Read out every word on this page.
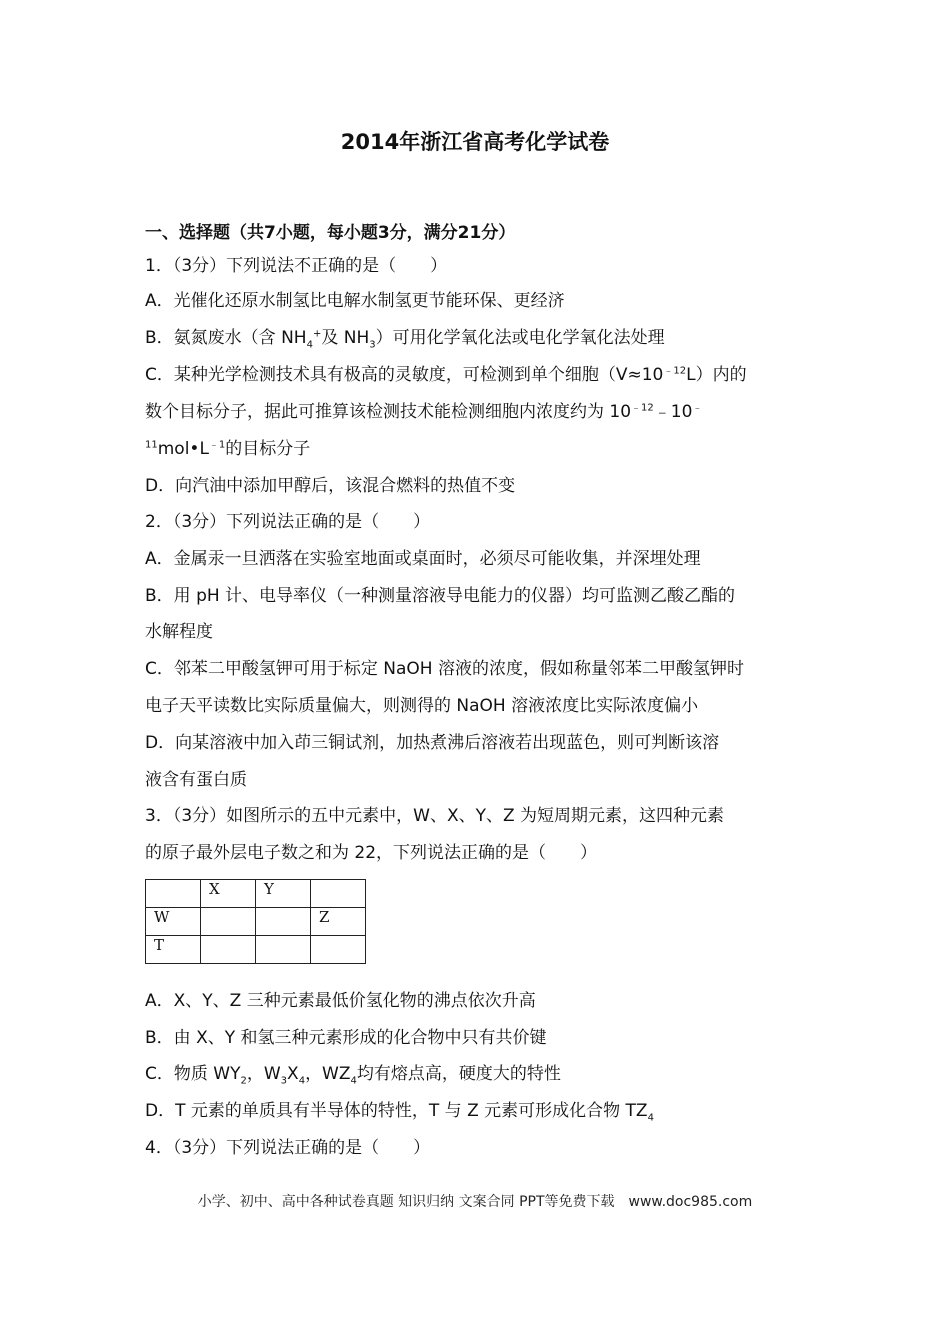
2014年浙江省高考化学试卷
一、选择题（共7小题，每小题3分，满分21分）
1．（3分）下列说法不正确的是（　　）
A．光催化还原水制氢比电解水制氢更节能环保、更经济
B．氨氮废水（含 $NH_4^+$及 $NH_3$）可用化学氧化法或电化学氧化法处理
C．某种光学检测技术具有极高的灵敏度，可检测到单个细胞$(V\approx 10^{﹣12}L)$内的
数个目标分子，据此可推算该检测技术能检测细胞内浓度约为 $10^{﹣12}﹣10^﹣$
$^{11}mol•L^{﹣1}$的目标分子
D．向汽油中添加甲醇后，该混合燃料的热值不变
2．（3分）下列说法正确的是（　　）
A．金属汞一旦洒落在实验室地面或桌面时，必须尽可能收集，并深埋处理
B．用 pH 计、电导率仪（一种测量溶液导电能力的仪器）均可监测乙酸乙酯的
水解程度
C．邻苯二甲酸氢钾可用于标定 NaOH 溶液的浓度，假如称量邻苯二甲酸氢钾时
电子天平读数比实际质量偏大，则测得的 NaOH 溶液浓度比实际浓度偏小
D．向某溶液中加入茚三铜试剂，加热煮沸后溶液若出现蓝色，则可判断该溶
液含有蛋白质
3．（3分）如图所示的五中元素中，W、X、Y、Z 为短周期元素，这四种元素
的原子最外层电子数之和为 22，下列说法正确的是（　　）
	X	Y	
W			Z
T			
A．X、Y、Z 三种元素最低价氢化物的沸点依次升高
B．由 X、Y 和氢三种元素形成的化合物中只有共价键
C．物质 $WY_2$，$W_3X_4$，$WZ_4$均有熔点高，硬度大的特性
D．T 元素的单质具有半导体的特性，T 与 Z 元素可形成化合物 $TZ_4$
4．（3分）下列说法正确的是（　　）
小学、初中、高中各种试卷真题 知识归纳 文案合同 PPT等免费下载　www.doc985.com
